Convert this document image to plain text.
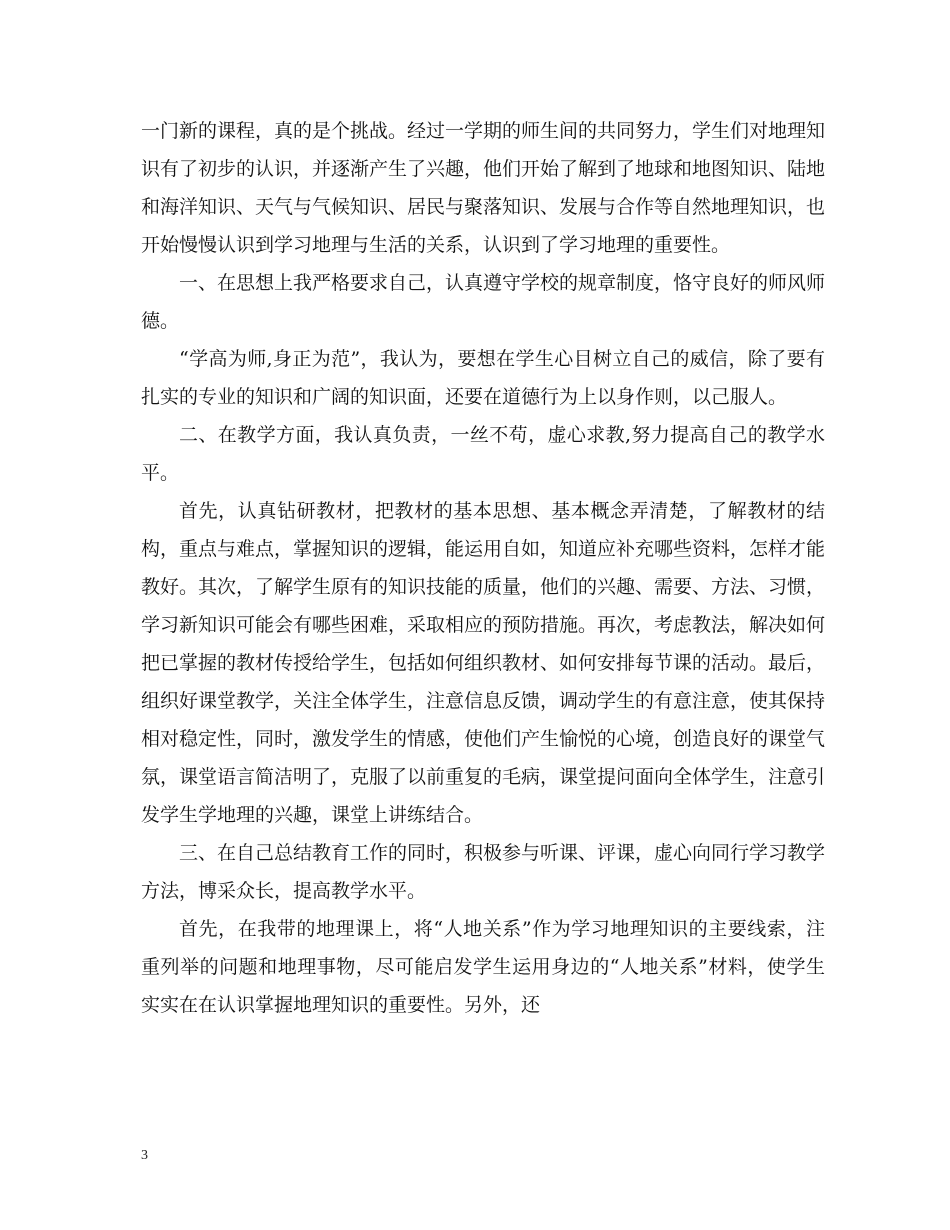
一门新的课程，真的是个挑战。经过一学期的师生间的共同努力，学生们对地理知识有了初步的认识，并逐渐产生了兴趣，他们开始了解到了地球和地图知识、陆地和海洋知识、天气与气候知识、居民与聚落知识、发展与合作等自然地理知识，也开始慢慢认识到学习地理与生活的关系，认识到了学习地理的重要性。

一、在思想上我严格要求自己，认真遵守学校的规章制度，恪守良好的师风师德。

“学高为师,身正为范”，我认为，要想在学生心目树立自己的威信，除了要有扎实的专业的知识和广阔的知识面，还要在道德行为上以身作则，以己服人。

二、在教学方面，我认真负责，一丝不苟，虚心求教,努力提高自己的教学水平。

首先，认真钻研教材，把教材的基本思想、基本概念弄清楚，了解教材的结构，重点与难点，掌握知识的逻辑，能运用自如，知道应补充哪些资料，怎样才能教好。其次，了解学生原有的知识技能的质量，他们的兴趣、需要、方法、习惯，学习新知识可能会有哪些困难，采取相应的预防措施。再次，考虑教法，解决如何把已掌握的教材传授给学生，包括如何组织教材、如何安排每节课的活动。最后，组织好课堂教学，关注全体学生，注意信息反馈，调动学生的有意注意，使其保持相对稳定性，同时，激发学生的情感，使他们产生愉悦的心境，创造良好的课堂气氛，课堂语言简洁明了，克服了以前重复的毛病，课堂提问面向全体学生，注意引发学生学地理的兴趣，课堂上讲练结合。

三、在自己总结教育工作的同时，积极参与听课、评课，虚心向同行学习教学方法，博采众长，提高教学水平。

首先，在我带的地理课上，将“人地关系”作为学习地理知识的主要线索，注重列举的问题和地理事物，尽可能启发学生运用身边的“人地关系”材料，使学生实实在在认识掌握地理知识的重要性。另外，还

3
